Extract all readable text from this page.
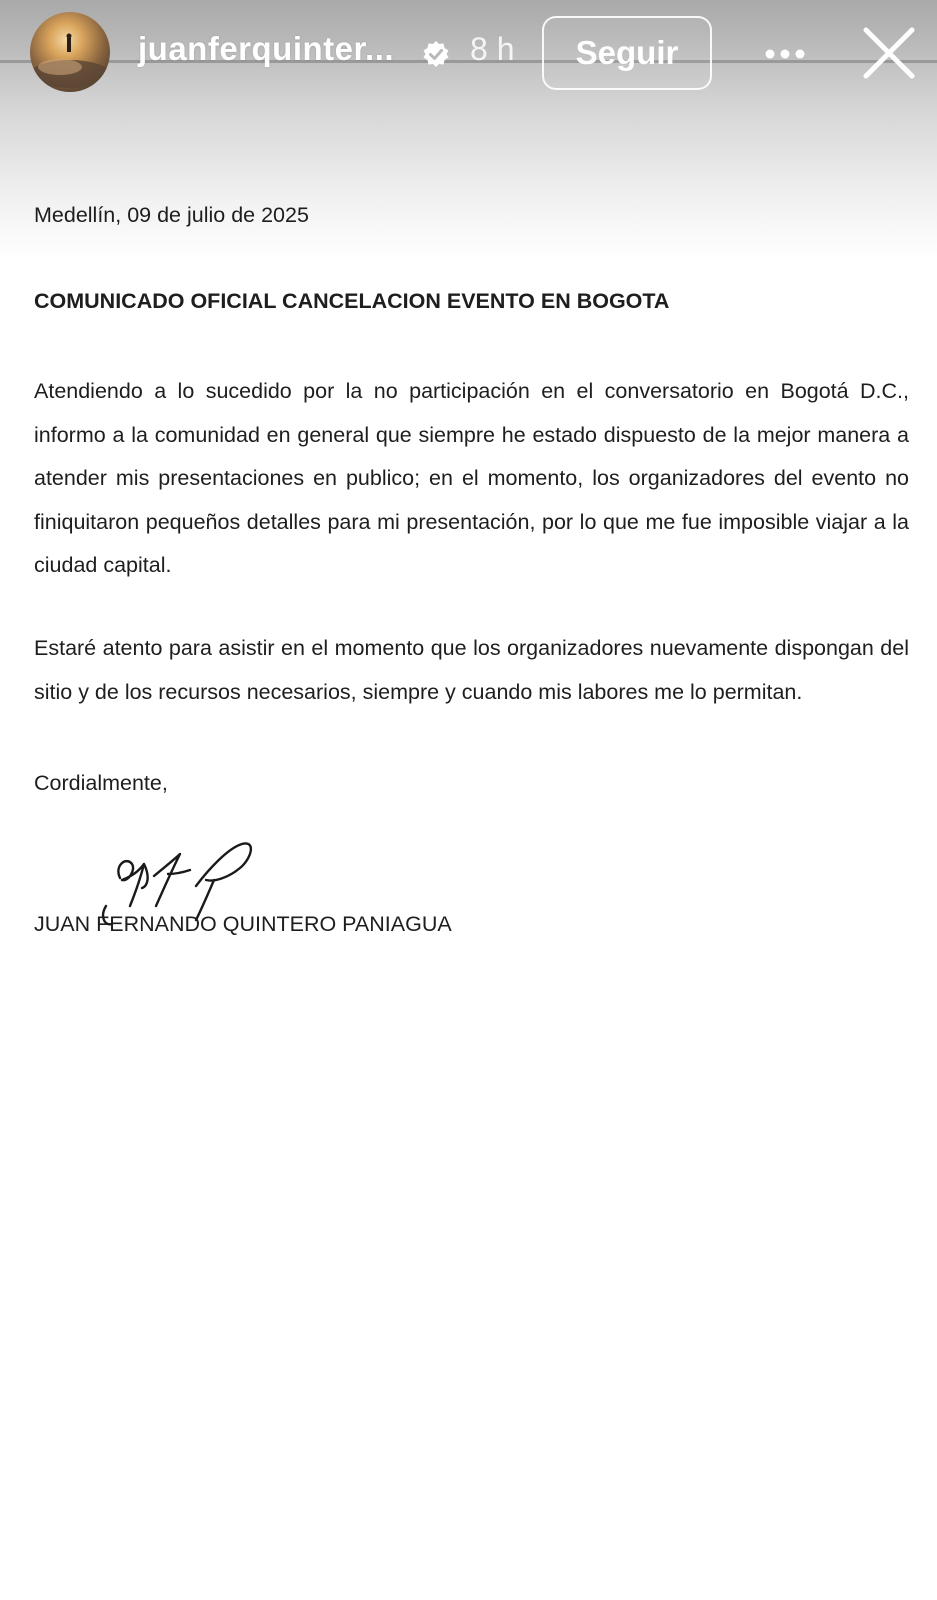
juanferquinter... 8 h	Seguir
Medellín, 09 de julio de 2025
COMUNICADO OFICIAL CANCELACION EVENTO EN BOGOTA
Atendiendo a lo sucedido por la no participación en el conversatorio en Bogotá D.C., informo a la comunidad en general que siempre he estado dispuesto de la mejor manera a atender mis presentaciones en publico; en el momento, los organizadores del evento no finiquitaron pequeños detalles para mi presentación, por lo que me fue imposible viajar a la ciudad capital.
Estaré atento para asistir en el momento que los organizadores nuevamente dispongan del sitio y de los recursos necesarios, siempre y cuando mis labores me lo permitan.
Cordialmente,
JUAN FERNANDO QUINTERO PANIAGUA
